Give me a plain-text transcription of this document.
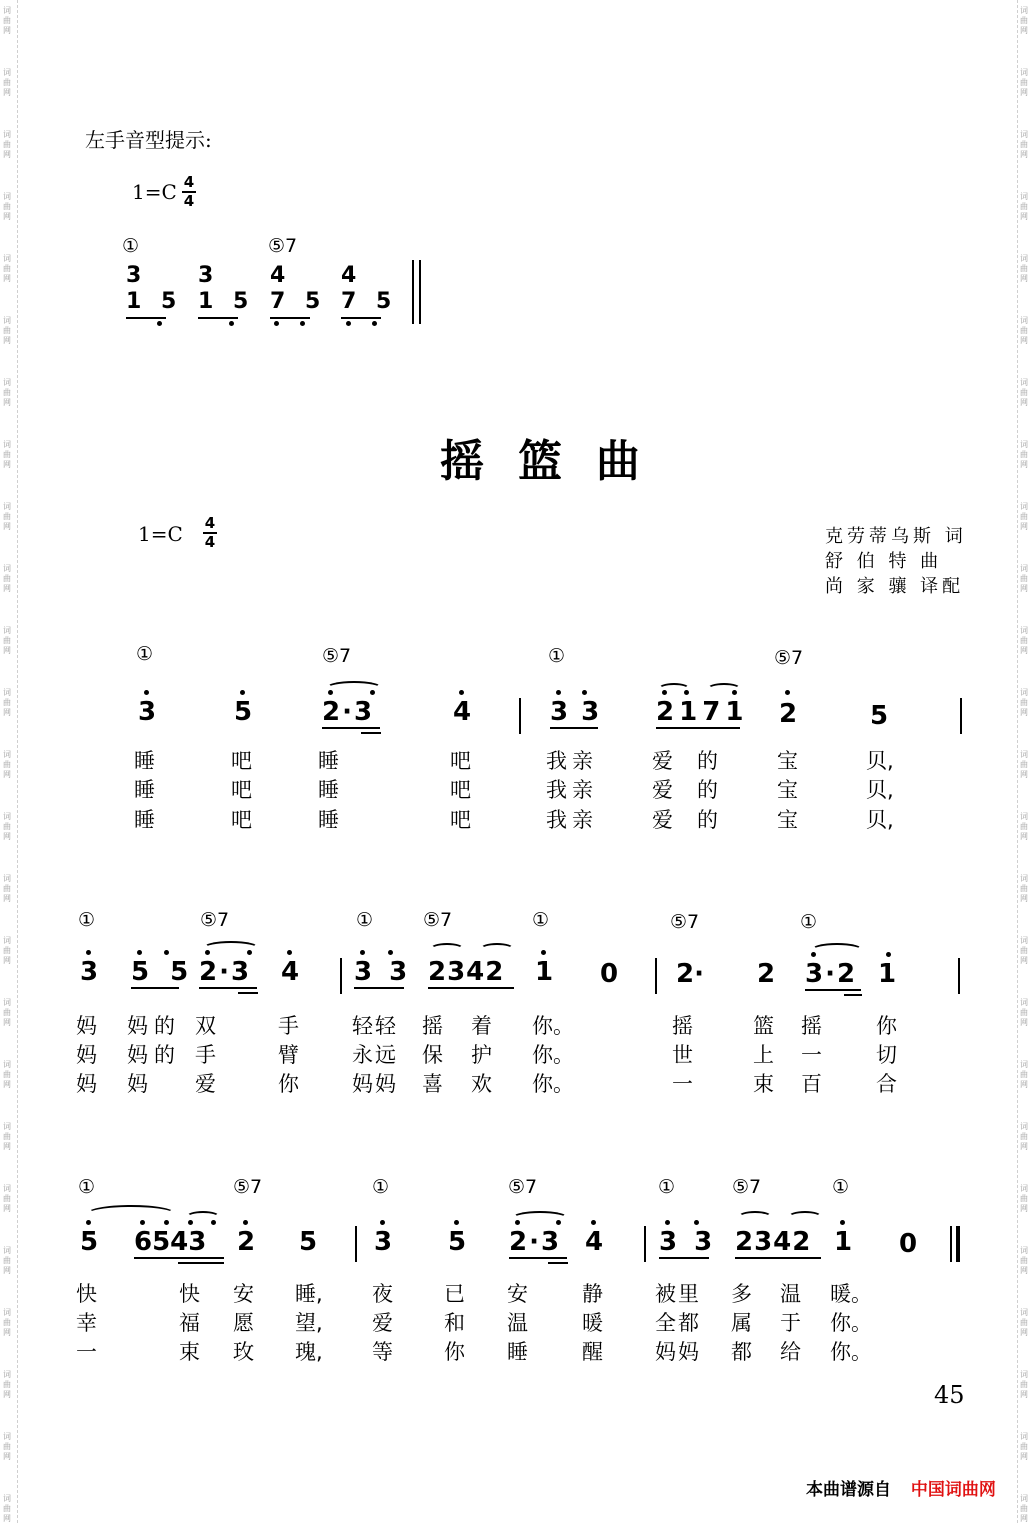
词曲网
词曲网
词曲网
词曲网
词曲网
词曲网
词曲网
词曲网
词曲网
词曲网
词曲网
词曲网
词曲网
词曲网
词曲网
词曲网
词曲网
词曲网
词曲网
词曲网
词曲网
词曲网
词曲网
词曲网
词曲网
词曲网
词曲网
词曲网
词曲网
词曲网
词曲网
词曲网
词曲网
词曲网
词曲网
词曲网
词曲网
词曲网
词曲网
词曲网
词曲网
词曲网
词曲网
词曲网
词曲网
词曲网
词曲网
词曲网
词曲网
词曲网
左手音型提示:
1=C 4
4
①	⑤7
3
1 5
3
1 5
4
7 5
4
7 5
摇篮曲
1=C 4
4	克劳蒂乌斯 词
舒 伯 特 曲
尚 家 骧 译配
①	⑤7	①	⑤7
3	5	2·3	4	3 3 2 1 7 1 2	5
睡	吧	睡	吧	我亲	爱 的	宝	贝,
睡	吧	睡	吧	我亲	爱 的	宝	贝,
睡	吧	睡	吧	我亲	爱 的	宝	贝,
①	⑤7	①	⑤7	①	⑤7	①
3 5 5 2·3 4 3 3 2342 1 0 2· 2 3·2 1
妈 妈的 双	手	轻轻 摇 着 你。	摇	篮 摇	你
妈 妈的 手	臂	永远 保 护 你。	世	上 一	切
妈 妈 爱	你	妈妈 喜 欢 你。	一	束 百	合
①	⑤7	①	⑤7	①	⑤7	①
5 6543 2 5 3 5 2·3 4 3 3 2342 1 0
快	快 安 睡, 夜 已 安	静 被里 多 温 暖。
幸	福 愿 望, 爱 和 温	暖 全都 属 于 你。
一	束 玫 瑰, 等 你 睡	醒 妈妈 都 给 你。
45
本曲谱源自 中国词曲网
